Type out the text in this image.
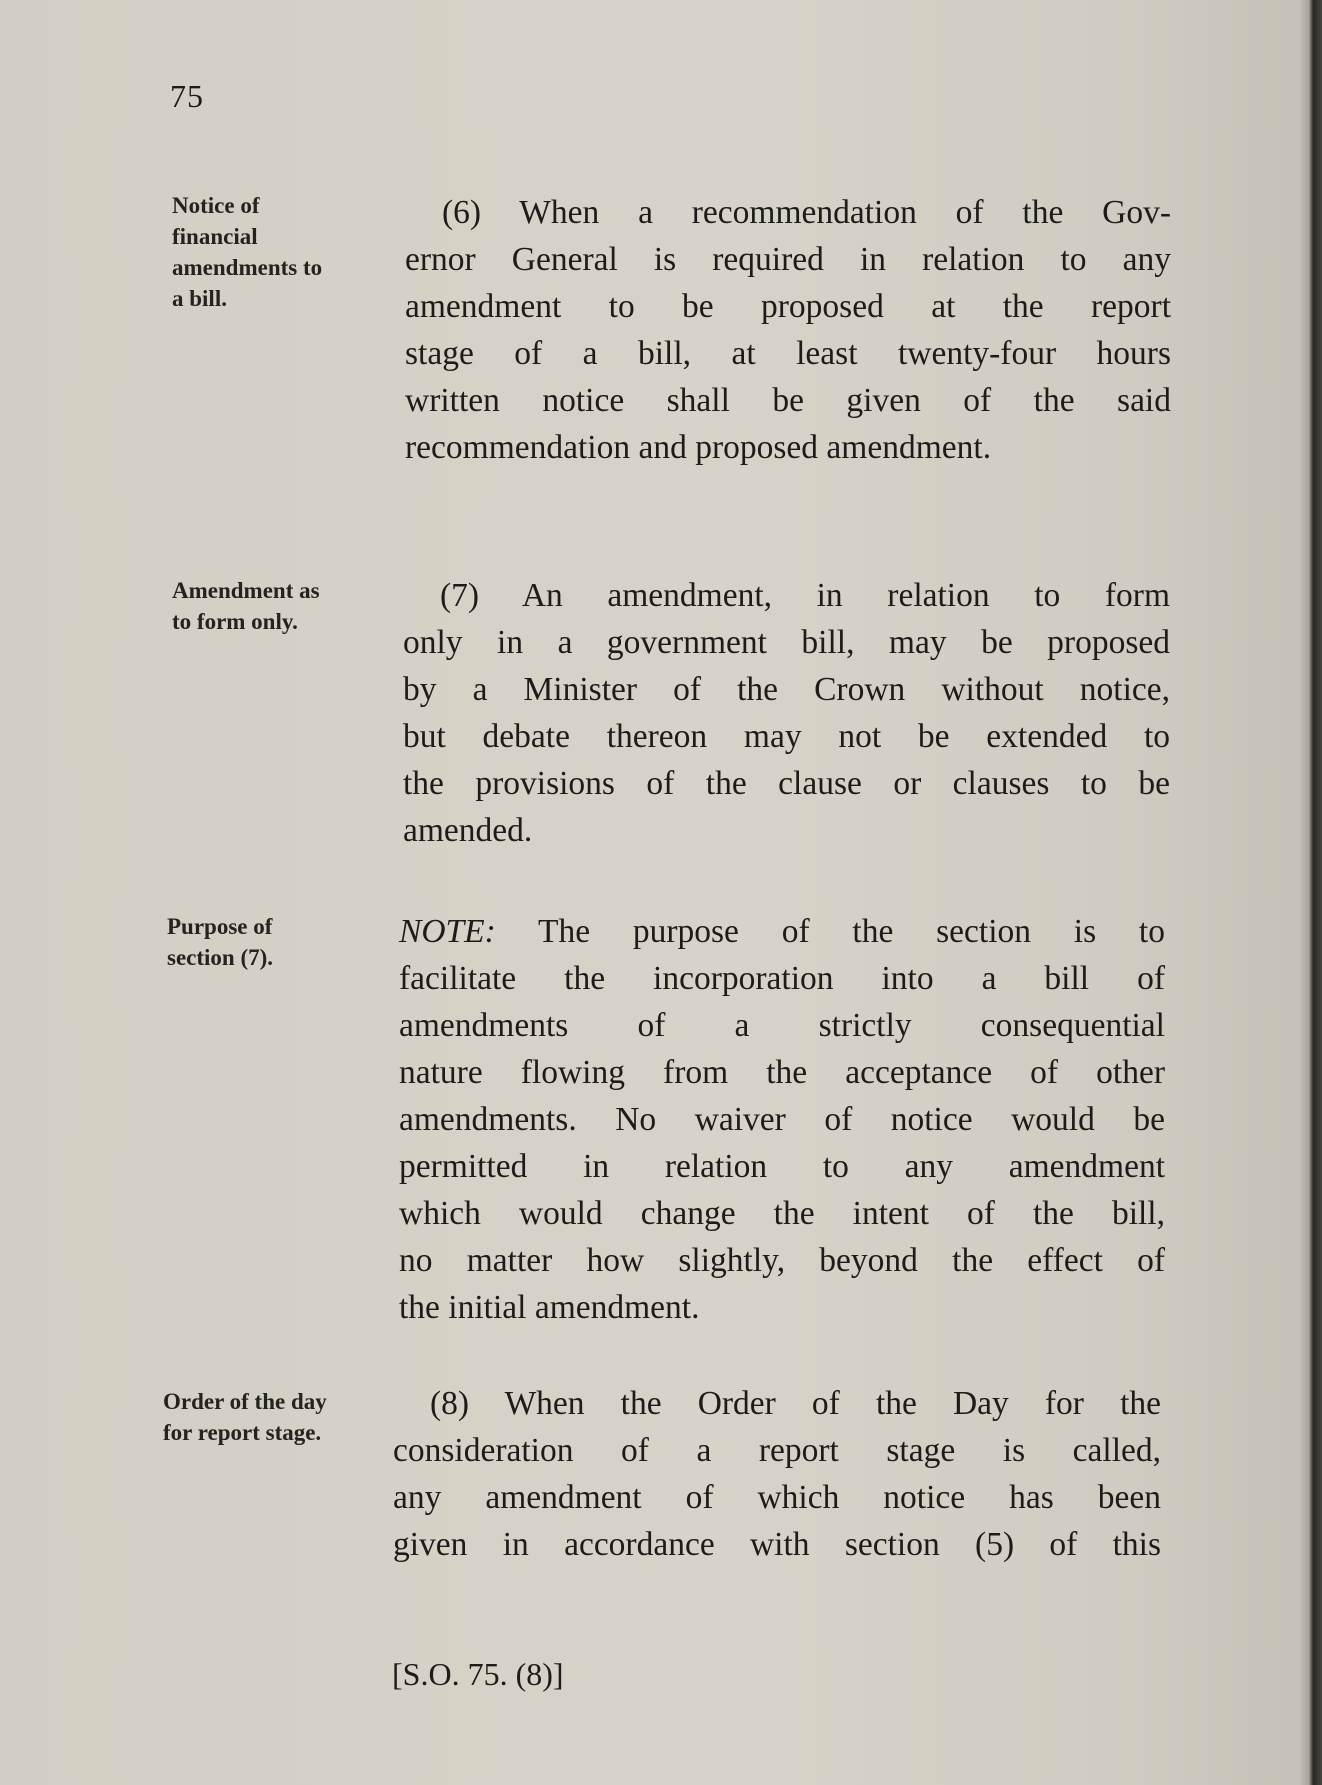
75
Notice of
financial
amendments to
a bill.
(6) When a recommendation of the Gov-
ernor General is required in relation to any
amendment to be proposed at the report
stage of a bill, at least twenty-four hours
written notice shall be given of the said
recommendation and proposed amendment.
Amendment as
to form only.
(7) An amendment, in relation to form
only in a government bill, may be proposed
by a Minister of the Crown without notice,
but debate thereon may not be extended to
the provisions of the clause or clauses to be
amended.
Purpose of
section (7).
NOTE: The purpose of the section is to
facilitate the incorporation into a bill of
amendments of a strictly consequential
nature flowing from the acceptance of other
amendments. No waiver of notice would be
permitted in relation to any amendment
which would change the intent of the bill,
no matter how slightly, beyond the effect of
the initial amendment.
Order of the day
for report stage.
(8) When the Order of the Day for the
consideration of a report stage is called,
any amendment of which notice has been
given in accordance with section (5) of this
[S.O. 75. (8)]
